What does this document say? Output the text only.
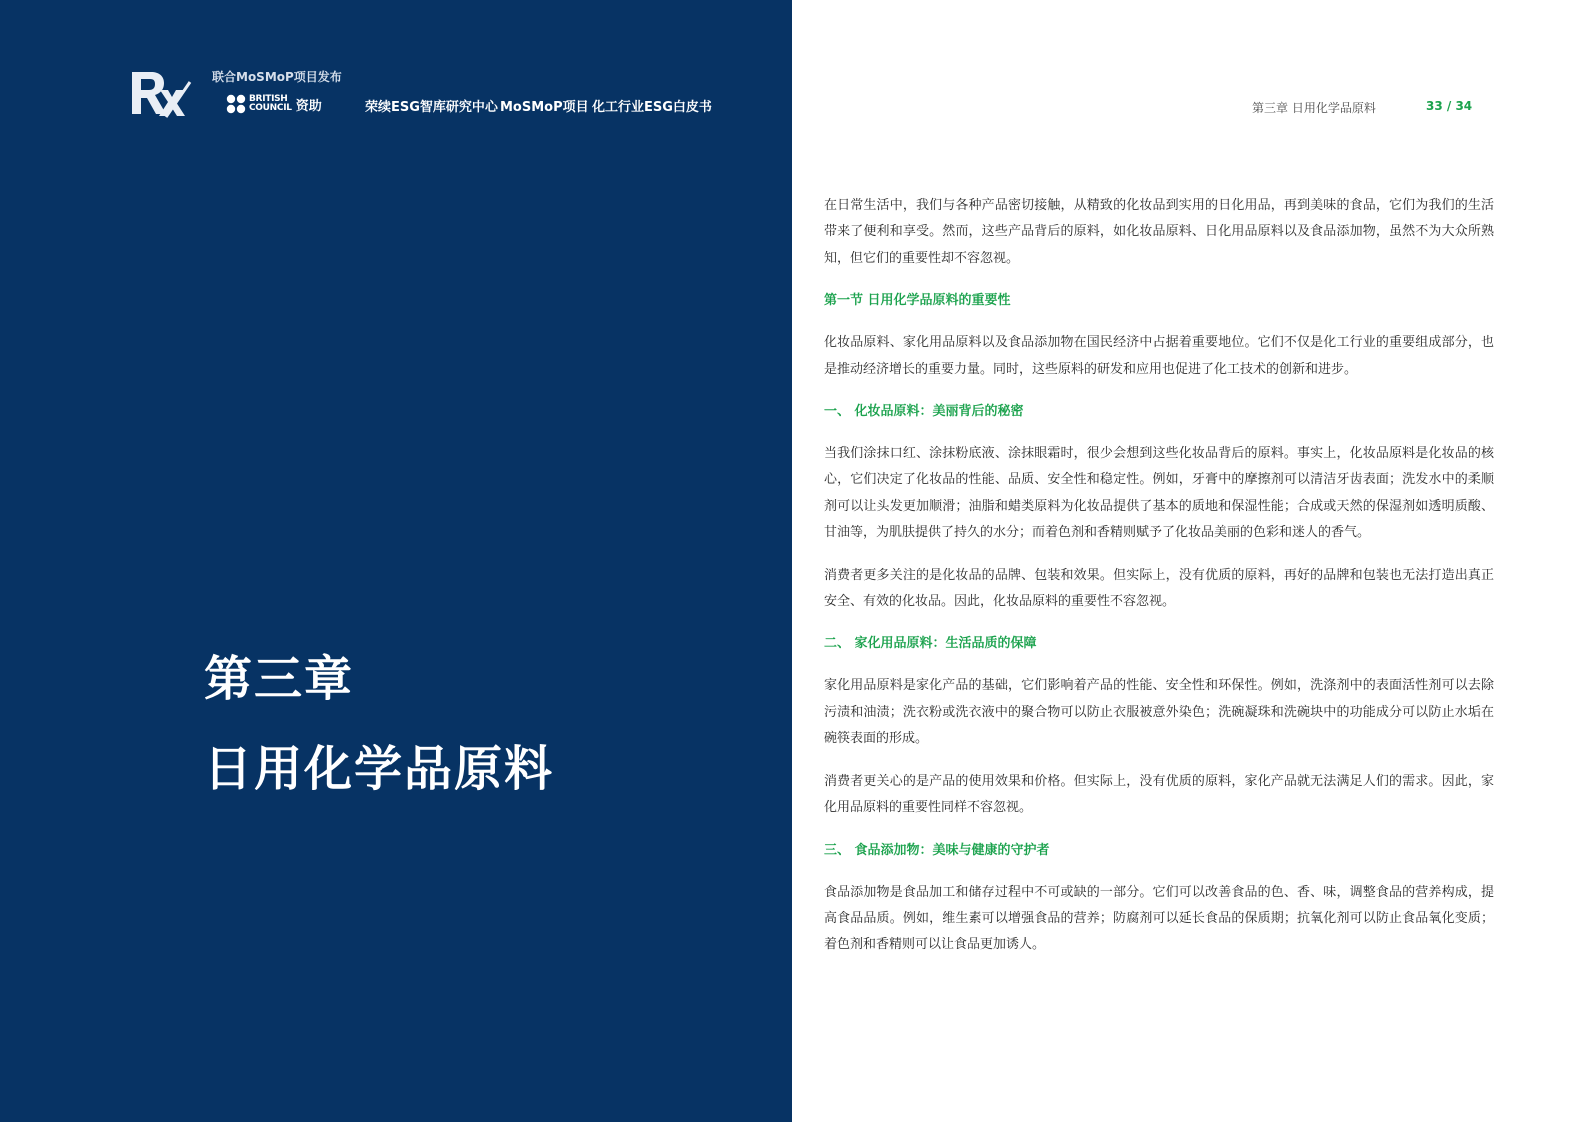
联合MoSMoP项目发布
BRITISH
COUNCIL 资助	荣续ESG智库研究中心 MoSMoP项目 化工行业ESG白皮书
第三章
日用化学品原料
第三章 日用化学品原料	33 / 34

在日常生活中，我们与各种产品密切接触，从精致的化妆品到实用的日化用品，再到美味的食品，它们为我们的生活带来了便利和享受。然而，这些产品背后的原料，如化妆品原料、日化用品原料以及食品添加物，虽然不为大众所熟知，但它们的重要性却不容忽视。

第一节 日用化学品原料的重要性

化妆品原料、家化用品原料以及食品添加物在国民经济中占据着重要地位。它们不仅是化工行业的重要组成部分，也是推动经济增长的重要力量。同时，这些原料的研发和应用也促进了化工技术的创新和进步。

一、 化妆品原料：美丽背后的秘密

当我们涂抹口红、涂抹粉底液、涂抹眼霜时，很少会想到这些化妆品背后的原料。事实上，化妆品原料是化妆品的核心，它们决定了化妆品的性能、品质、安全性和稳定性。例如，牙膏中的摩擦剂可以清洁牙齿表面；洗发水中的柔顺剂可以让头发更加顺滑；油脂和蜡类原料为化妆品提供了基本的质地和保湿性能；合成或天然的保湿剂如透明质酸、甘油等，为肌肤提供了持久的水分；而着色剂和香精则赋予了化妆品美丽的色彩和迷人的香气。

消费者更多关注的是化妆品的品牌、包装和效果。但实际上，没有优质的原料，再好的品牌和包装也无法打造出真正安全、有效的化妆品。因此，化妆品原料的重要性不容忽视。

二、 家化用品原料：生活品质的保障

家化用品原料是家化产品的基础，它们影响着产品的性能、安全性和环保性。例如，洗涤剂中的表面活性剂可以去除污渍和油渍；洗衣粉或洗衣液中的聚合物可以防止衣服被意外染色；洗碗凝珠和洗碗块中的功能成分可以防止水垢在碗筷表面的形成。

消费者更关心的是产品的使用效果和价格。但实际上，没有优质的原料，家化产品就无法满足人们的需求。因此，家化用品原料的重要性同样不容忽视。

三、 食品添加物：美味与健康的守护者

食品添加物是食品加工和储存过程中不可或缺的一部分。它们可以改善食品的色、香、味，调整食品的营养构成，提高食品品质。例如，维生素可以增强食品的营养；防腐剂可以延长食品的保质期；抗氧化剂可以防止食品氧化变质；着色剂和香精则可以让食品更加诱人。
